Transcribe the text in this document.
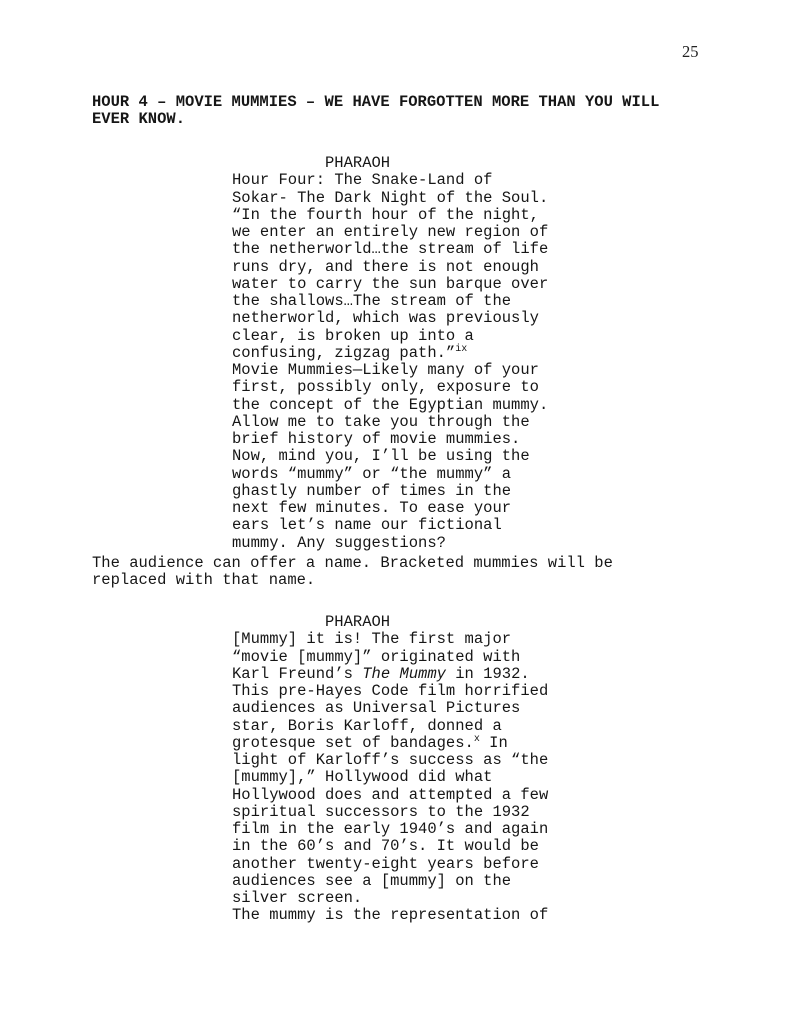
25
HOUR 4 – MOVIE MUMMIES – WE HAVE FORGOTTEN MORE THAN YOU WILL
EVER KNOW.
PHARAOH
Hour Four: The Snake-Land of
Sokar- The Dark Night of the Soul.
“In the fourth hour of the night,
we enter an entirely new region of
the netherworld…the stream of life
runs dry, and there is not enough
water to carry the sun barque over
the shallows…The stream of the
netherworld, which was previously
clear, is broken up into a
confusing, zigzag path.”$^{ix}$
Movie Mummies—Likely many of your
first, possibly only, exposure to
the concept of the Egyptian mummy.
Allow me to take you through the
brief history of movie mummies.
Now, mind you, I’ll be using the
words “mummy” or “the mummy” a
ghastly number of times in the
next few minutes. To ease your
ears let’s name our fictional
mummy. Any suggestions?
The audience can offer a name. Bracketed mummies will be
replaced with that name.
PHARAOH
[Mummy] it is! The first major
“movie [mummy]” originated with
Karl Freund’s The Mummy in 1932.
This pre-Hayes Code film horrified
audiences as Universal Pictures
star, Boris Karloff, donned a
grotesque set of bandages.$^x$ In
light of Karloff’s success as “the
[mummy],” Hollywood did what
Hollywood does and attempted a few
spiritual successors to the 1932
film in the early 1940’s and again
in the 60’s and 70’s. It would be
another twenty-eight years before
audiences see a [mummy] on the
silver screen.
The mummy is the representation of
